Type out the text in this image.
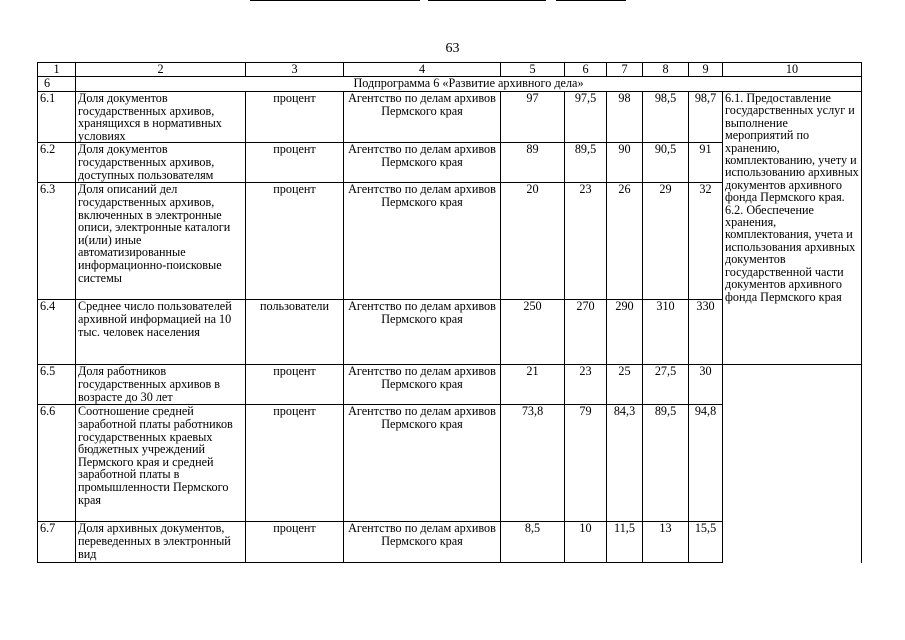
63
1	2	3	4	5	6	7	8	9	10
6	Подпрограмма 6 «Развитие архивного дела»								
6.1	Доля документов государственных архивов, хранящихся в нормативных условиях	процент	Агентство по делам архивов Пермского края	97	97,5	98	98,5	98,7	6.1. Предоставление государственных услуг и выполнение мероприятий по хранению, комплектованию, учету и использованию архивных документов архивного фонда Пермского края. 6.2. Обеспечение хранения, комплектования, учета и использования архивных документов государственной части документов архивного фонда Пермского края
6.2	Доля документов государственных архивов, доступных пользователям	процент	Агентство по делам архивов Пермского края	89	89,5	90	90,5	91	
6.3	Доля описаний дел государственных архивов, включенных в электронные описи, электронные каталоги и(или) иные автоматизированные информационно-поисковые системы	процент	Агентство по делам архивов Пермского края	20	23	26	29	32	
6.4	Среднее число пользователей архивной информацией на 10 тыс. человек населения	пользователи	Агентство по делам архивов Пермского края	250	270	290	310	330	
6.5	Доля работников государственных архивов в возрасте до 30 лет	процент	Агентство по делам архивов Пермского края	21	23	25	27,5	30	
6.6	Соотношение средней заработной платы работников государственных краевых бюджетных учреждений Пермского края и средней заработной платы в промышленности Пермского края	процент	Агентство по делам архивов Пермского края	73,8	79	84,3	89,5	94,8	
6.7	Доля архивных документов, переведенных в электронный вид	процент	Агентство по делам архивов Пермского края	8,5	10	11,5	13	15,5	
